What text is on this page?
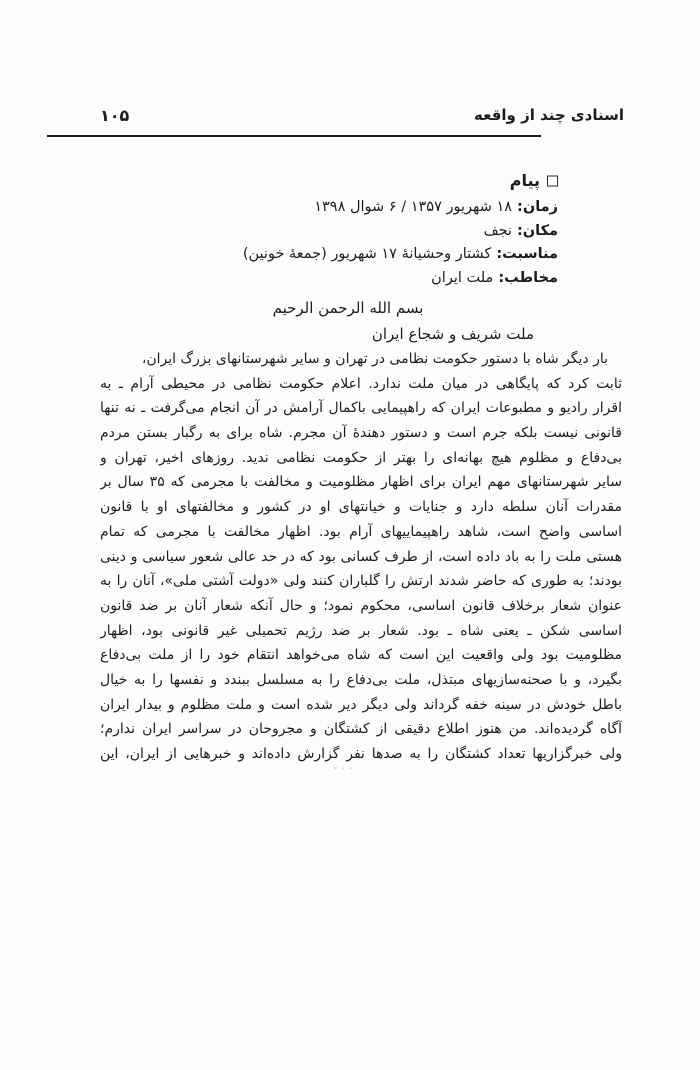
اسنادی چند از واقعه
۱۰۵
پیام
زمان:۱۸ شهریور ۱۳۵۷ / ۶ شوال ۱۳۹۸
مکان:نجف
مناسبت:کشتار وحشیانهٔ ۱۷ شهریور (جمعهٔ خونین)
مخاطب:ملت ایران
بسم الله الرحمن الرحیم
ملت شریف و شجاع ایران
بار دیگر شاه با دستور حکومت نظامی در تهران و سایر شهرستانهای بزرگ ایران،
ثابت کرد که پایگاهی در میان ملت ندارد. اعلام حکومت نظامی در محیطی آرام ـ به
اقرار رادیو و مطبوعات ایران که راهپیمایی باکمال آرامش در آن انجام می‌گرفت ـ نه تنها
قانونی نیست بلکه جرم است و دستور دهندهٔ آن مجرم. شاه برای به رگبار بستن مردم
بی‌دفاع و مظلوم هیچ بهانه‌ای را بهتر از حکومت نظامی ندید. روزهای اخیر، تهران و
سایر شهرستانهای مهم ایران برای اظهار مظلومیت و مخالفت با مجرمی که ۳۵ سال بر
مقدرات آنان سلطه دارد و جنایات و خیانتهای او در کشور و مخالفتهای او با قانون
اساسی واضح است، شاهد راهپیماییهای آرام بود. اظهار مخالفت با مجرمی که تمام
هستی ملت را به باد داده است، از طرف کسانی بود که در حد عالی شعور سیاسی و دینی
بودند؛ به طوری که حاضر شدند ارتش را گلباران کنند ولی «دولت آشتی ملی»، آنان را به
عنوان شعار برخلاف قانون اساسی، محکوم نمود؛ و حال آنکه شعار آنان بر ضد قانون
اساسی شکن ـ یعنی شاه ـ بود. شعار بر ضد رژیم تحمیلی غیر قانونی بود، اظهار
مظلومیت بود ولی واقعیت این است که شاه می‌خواهد انتقام خود را از ملت بی‌دفاع
بگیرد، و با صحنه‌سازیهای مبتذل، ملت بی‌دفاع را به مسلسل ببندد و نفسها را به خیال
باطل خودش در سینه خفه گرداند ولی دیگر دیر شده است و ملت مظلوم و بیدار ایران
آگاه گردیده‌اند. من هنوز اطلاع دقیقی از کشتگان و مجروحان در سراسر ایران ندارم؛
ولی خبرگزاریها تعداد کشتگان را به صدها نفر گزارش داده‌اند و خبرهایی از ایران، این
···
